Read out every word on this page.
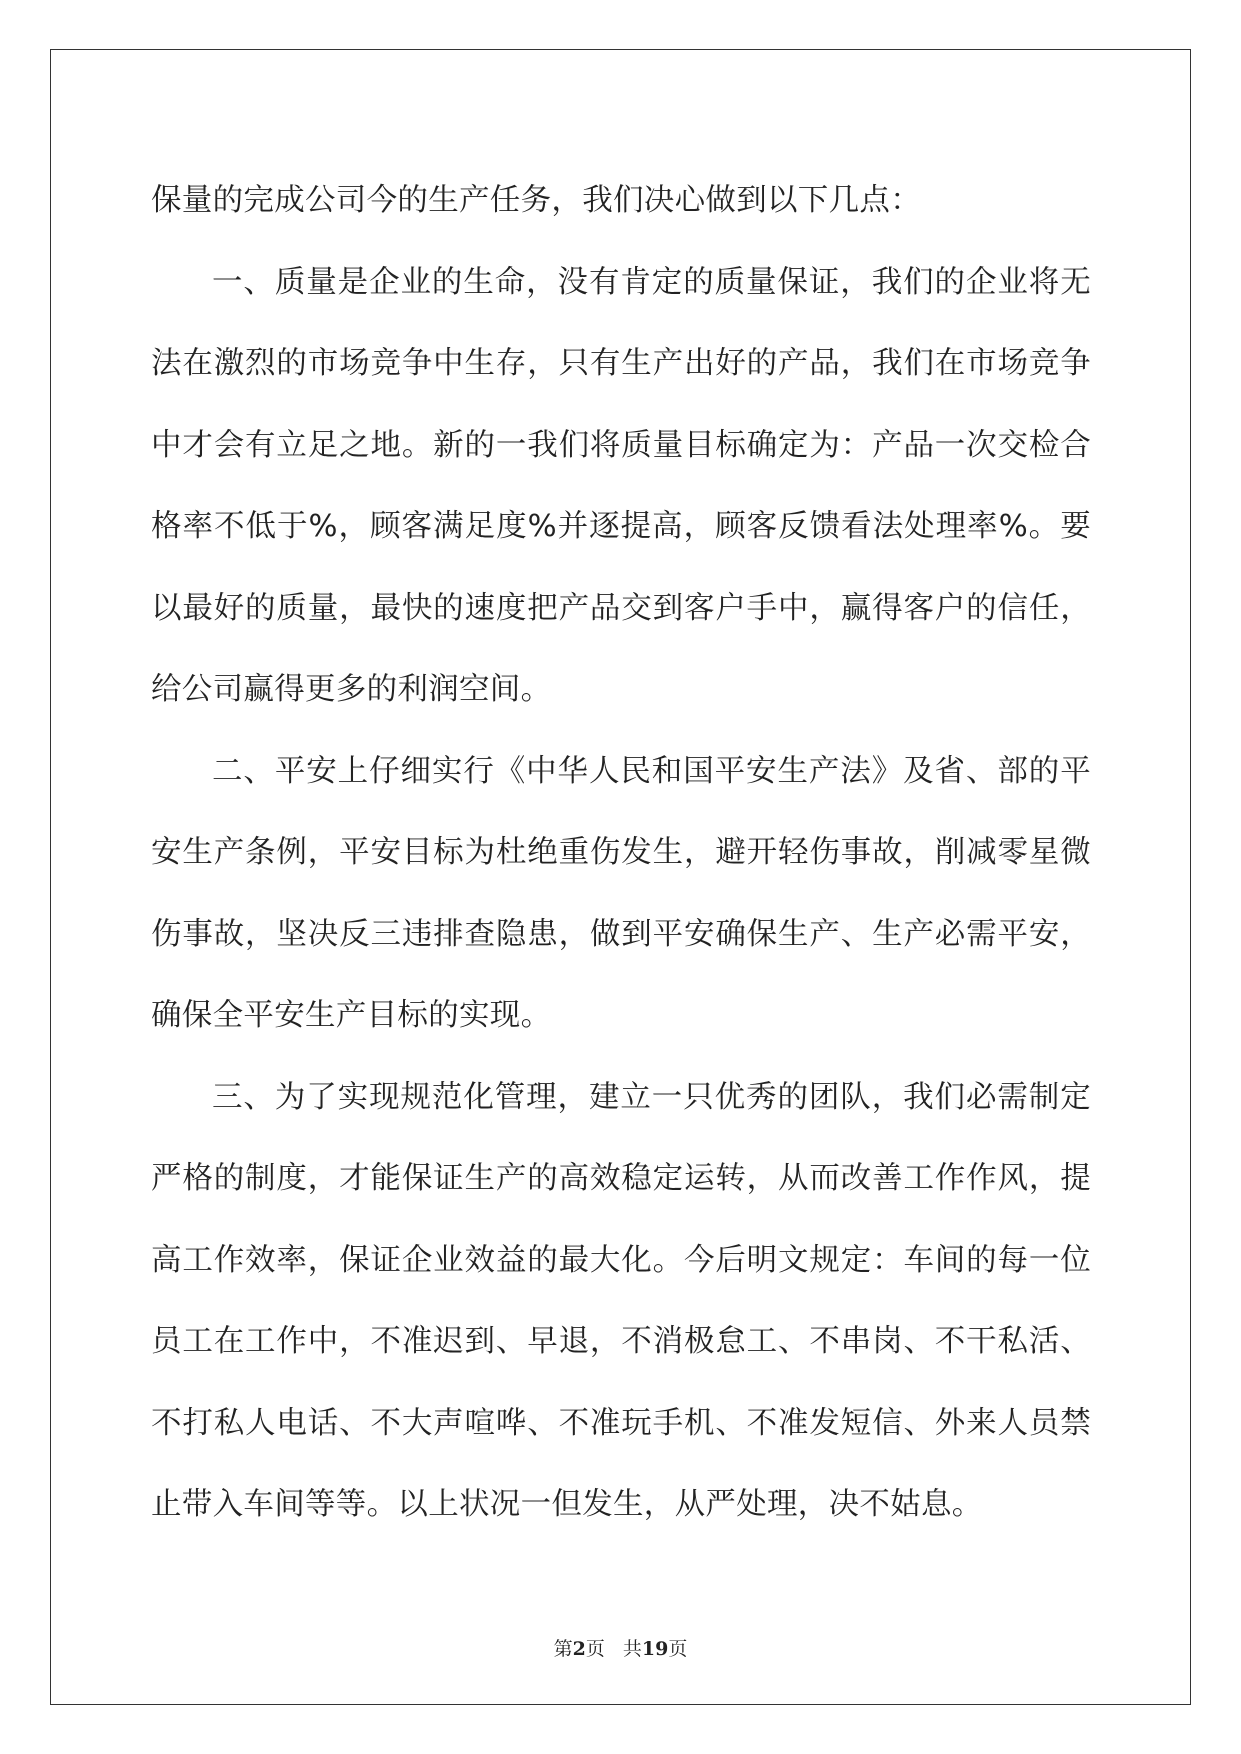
保量的完成公司今的生产任务，我们决心做到以下几点：

一、质量是企业的生命，没有肯定的质量保证，我们的企业将无法在激烈的市场竞争中生存，只有生产出好的产品，我们在市场竞争中才会有立足之地。新的一我们将质量目标确定为：产品一次交检合格率不低于%，顾客满足度%并逐提高，顾客反馈看法处理率%。要以最好的质量，最快的速度把产品交到客户手中，赢得客户的信任，给公司赢得更多的利润空间。

二、平安上仔细实行《中华人民和国平安生产法》及省、部的平安生产条例，平安目标为杜绝重伤发生，避开轻伤事故，削减零星微伤事故，坚决反三违排查隐患，做到平安确保生产、生产必需平安，确保全平安生产目标的实现。

三、为了实现规范化管理，建立一只优秀的团队，我们必需制定严格的制度，才能保证生产的高效稳定运转，从而改善工作作风，提高工作效率，保证企业效益的最大化。今后明文规定：车间的每一位员工在工作中，不准迟到、早退，不消极怠工、不串岗、不干私活、不打私人电话、不大声喧哗、不准玩手机、不准发短信、外来人员禁止带入车间等等。以上状况一但发生，从严处理，决不姑息。

第2页 共19页
